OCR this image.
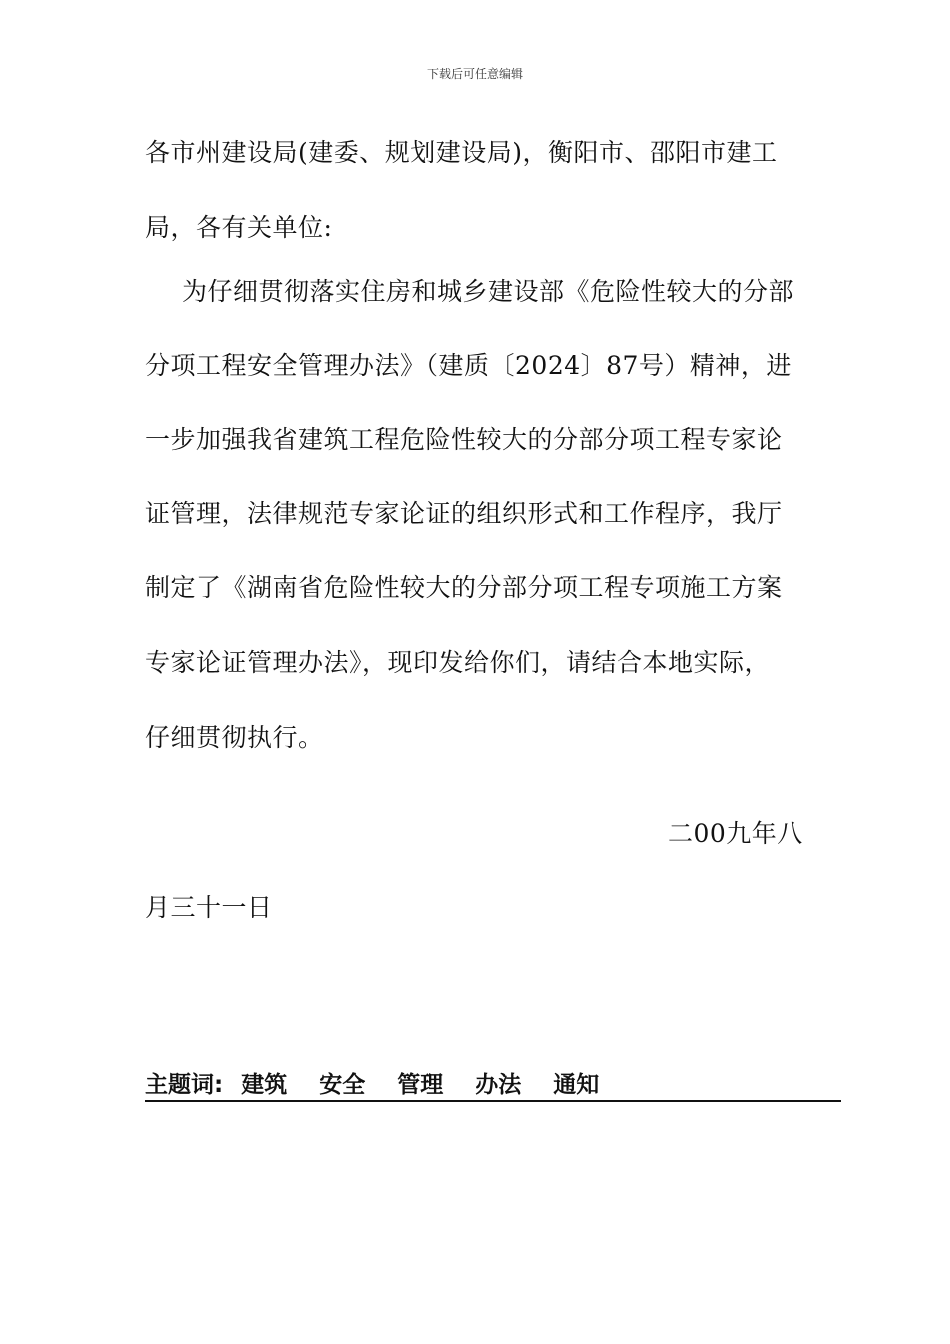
下载后可任意编辑
各市州建设局(建委、规划建设局)，衡阳市、邵阳市建工
局，各有关单位:
为仔细贯彻落实住房和城乡建设部《危险性较大的分部
分项工程安全管理办法》（建质〔2024〕87号）精神，进
一步加强我省建筑工程危险性较大的分部分项工程专家论
证管理，法律规范专家论证的组织形式和工作程序，我厅
制定了《湖南省危险性较大的分部分项工程专项施工方案
专家论证管理办法》，现印发给你们，请结合本地实际，
仔细贯彻执行。
二00九年八
月三十一日
主题词: 建筑 安全 管理 办法 通知
